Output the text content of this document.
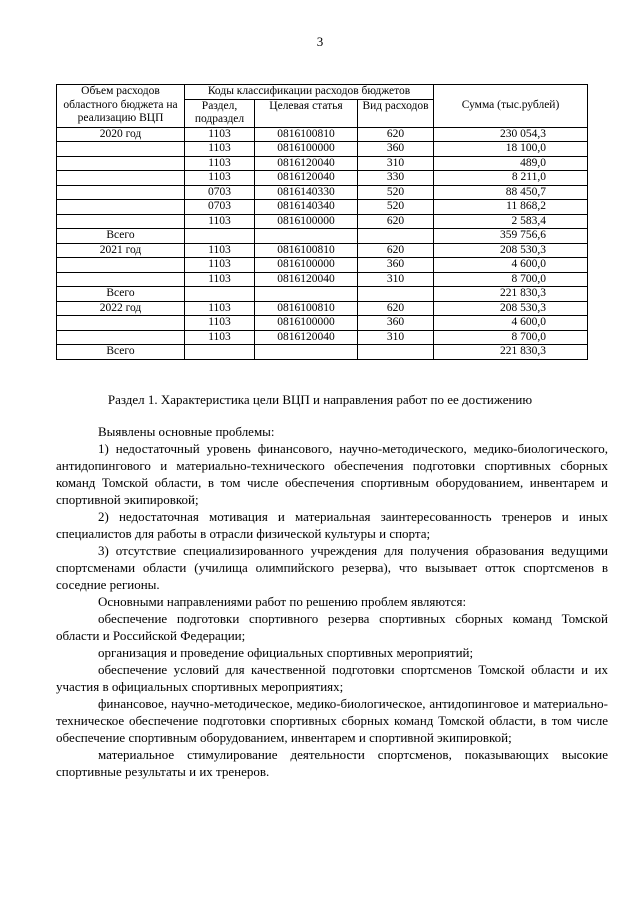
3
Объем расходов областного бюджета на реализацию ВЦП	Коды классификации расходов бюджетов			Сумма (тыс.рублей)
	Раздел, подраздел	Целевая статья	Вид расходов	
2020 год	1103	0816100810	620	230 054,3
	1103	0816100000	360	18 100,0
	1103	0816120040	310	489,0
	1103	0816120040	330	8 211,0
	0703	0816140330	520	88 450,7
	0703	0816140340	520	11 868,2
	1103	0816100000	620	2 583,4
Всего				359 756,6
2021 год	1103	0816100810	620	208 530,3
	1103	0816100000	360	4 600,0
	1103	0816120040	310	8 700,0
Всего				221 830,3
2022 год	1103	0816100810	620	208 530,3
	1103	0816100000	360	4 600,0
	1103	0816120040	310	8 700,0
Всего				221 830,3
Раздел 1. Характеристика цели ВЦП и направления работ по ее достижению

Выявлены основные проблемы:

1) недостаточный уровень финансового, научно-методического, медико-биологического, антидопингового и материально-технического обеспечения подготовки спортивных сборных команд Томской области, в том числе обеспечения спортивным оборудованием, инвентарем и спортивной экипировкой;

2) недостаточная мотивация и материальная заинтересованность тренеров и иных специалистов для работы в отрасли физической культуры и спорта;

3) отсутствие специализированного учреждения для получения образования ведущими спортсменами области (училища олимпийского резерва), что вызывает отток спортсменов в соседние регионы.

Основными направлениями работ по решению проблем являются:

обеспечение подготовки спортивного резерва спортивных сборных команд Томской области и Российской Федерации;

организация и проведение официальных спортивных мероприятий;

обеспечение условий для качественной подготовки спортсменов Томской области и их участия в официальных спортивных мероприятиях;

финансовое, научно-методическое, медико-биологическое, антидопинговое и материально-техническое обеспечение подготовки спортивных сборных команд Томской области, в том числе обеспечение спортивным оборудованием, инвентарем и спортивной экипировкой;

материальное стимулирование деятельности спортсменов, показывающих высокие спортивные результаты и их тренеров.
